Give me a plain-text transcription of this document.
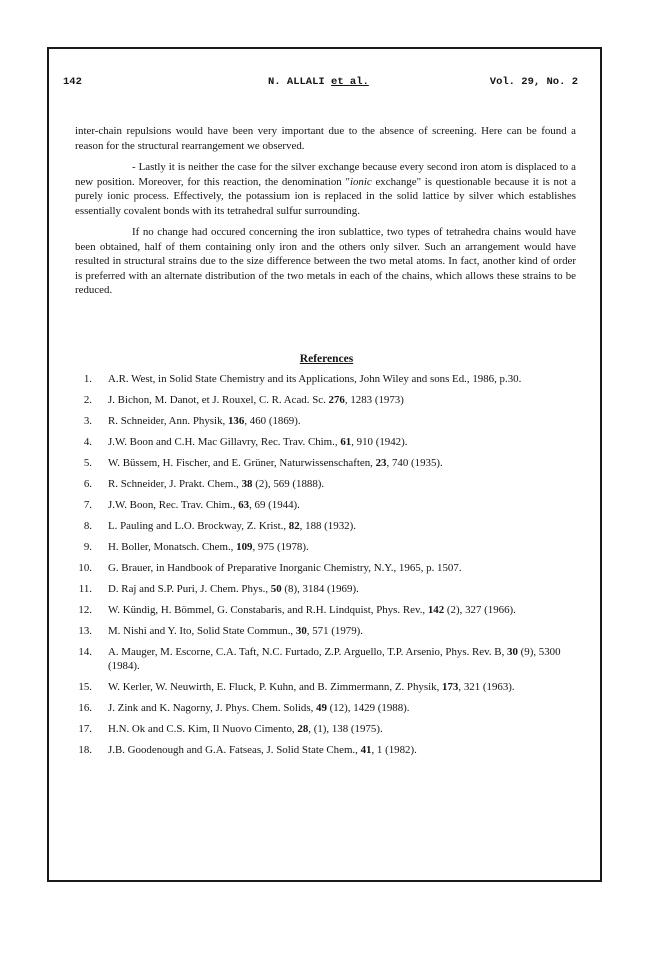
142	N. ALLALI et al.	Vol. 29, No. 2

inter-chain repulsions would have been very important due to the absence of screening. Here can be found a reason for the structural rearrangement we observed.

- Lastly it is neither the case for the silver exchange because every second iron atom is displaced to a new position. Moreover, for this reaction, the denomination "ionic exchange" is questionable because it is not a purely ionic process. Effectively, the potassium ion is replaced in the solid lattice by silver which establishes essentially covalent bonds with its tetrahedral sulfur surrounding.

If no change had occured concerning the iron sublattice, two types of tetrahedra chains would have been obtained, half of them containing only iron and the others only silver. Such an arrangement would have resulted in structural strains due to the size difference between the two metal atoms. In fact, another kind of order is preferred with an alternate distribution of the two metals in each of the chains, which allows these strains to be reduced.

References
1. A.R. West, in Solid State Chemistry and its Applications, John Wiley and sons Ed., 1986, p.30.
2. J. Bichon, M. Danot, et J. Rouxel, C. R. Acad. Sc. 276, 1283 (1973)
3. R. Schneider, Ann. Physik, 136, 460 (1869).
4. J.W. Boon and C.H. Mac Gillavry, Rec. Trav. Chim., 61, 910 (1942).
5. W. Büssem, H. Fischer, and E. Grüner, Naturwissenschaften, 23, 740 (1935).
6. R. Schneider, J. Prakt. Chem., 38 (2), 569 (1888).
7. J.W. Boon, Rec. Trav. Chim., 63, 69 (1944).
8. L. Pauling and L.O. Brockway, Z. Krist., 82, 188 (1932).
9. H. Boller, Monatsch. Chem., 109, 975 (1978).
10. G. Brauer, in Handbook of Preparative Inorganic Chemistry, N.Y., 1965, p. 1507.
11. D. Raj and S.P. Puri, J. Chem. Phys., 50 (8), 3184 (1969).
12. W. Kündig, H. Bömmel, G. Constabaris, and R.H. Lindquist, Phys. Rev., 142 (2), 327 (1966).
13. M. Nishi and Y. Ito, Solid State Commun., 30, 571 (1979).
14. A. Mauger, M. Escorne, C.A. Taft, N.C. Furtado, Z.P. Arguello, T.P. Arsenio, Phys. Rev. B, 30 (9), 5300 (1984).
15. W. Kerler, W. Neuwirth, E. Fluck, P. Kuhn, and B. Zimmermann, Z. Physik, 173, 321 (1963).
16. J. Zink and K. Nagorny, J. Phys. Chem. Solids, 49 (12), 1429 (1988).
17. H.N. Ok and C.S. Kim, Il Nuovo Cimento, 28, (1), 138 (1975).
18. J.B. Goodenough and G.A. Fatseas, J. Solid State Chem., 41, 1 (1982).
